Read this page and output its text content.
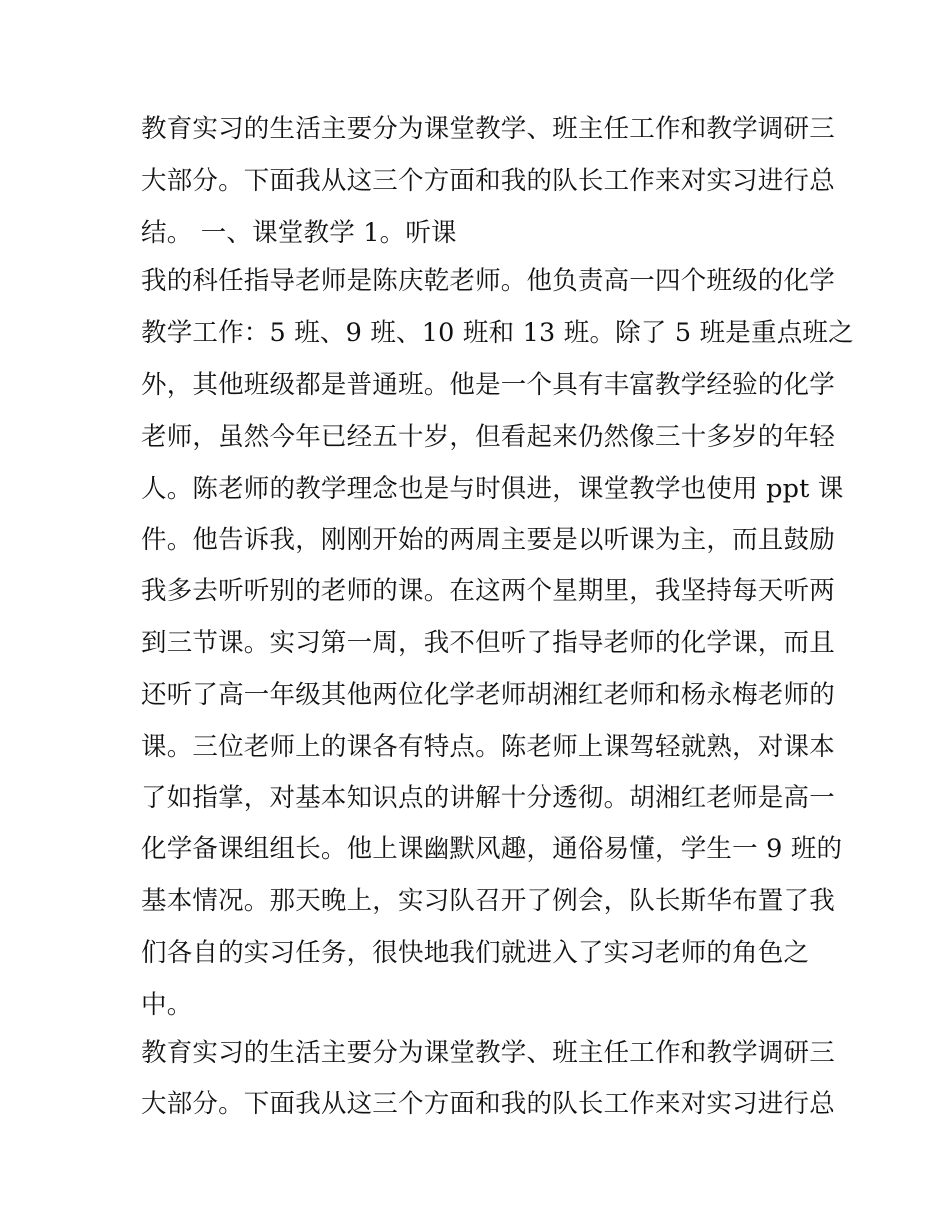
教育实习的生活主要分为课堂教学、班主任工作和教学调研三
大部分。下面我从这三个方面和我的队长工作来对实习进行总
结。 一、课堂教学 1。听课
我的科任指导老师是陈庆乾老师。他负责高一四个班级的化学
教学工作：5 班、9 班、10 班和 13 班。除了 5 班是重点班之
外，其他班级都是普通班。他是一个具有丰富教学经验的化学
老师，虽然今年已经五十岁，但看起来仍然像三十多岁的年轻
人。陈老师的教学理念也是与时俱进，课堂教学也使用 ppt 课
件。他告诉我，刚刚开始的两周主要是以听课为主，而且鼓励
我多去听听别的老师的课。在这两个星期里，我坚持每天听两
到三节课。实习第一周，我不但听了指导老师的化学课，而且
还听了高一年级其他两位化学老师胡湘红老师和杨永梅老师的
课。三位老师上的课各有特点。陈老师上课驾轻就熟，对课本
了如指掌，对基本知识点的讲解十分透彻。胡湘红老师是高一
化学备课组组长。他上课幽默风趣，通俗易懂，学生一 9 班的
基本情况。那天晚上，实习队召开了例会，队长斯华布置了我
们各自的实习任务，很快地我们就进入了实习老师的角色之
中。
教育实习的生活主要分为课堂教学、班主任工作和教学调研三
大部分。下面我从这三个方面和我的队长工作来对实习进行总
